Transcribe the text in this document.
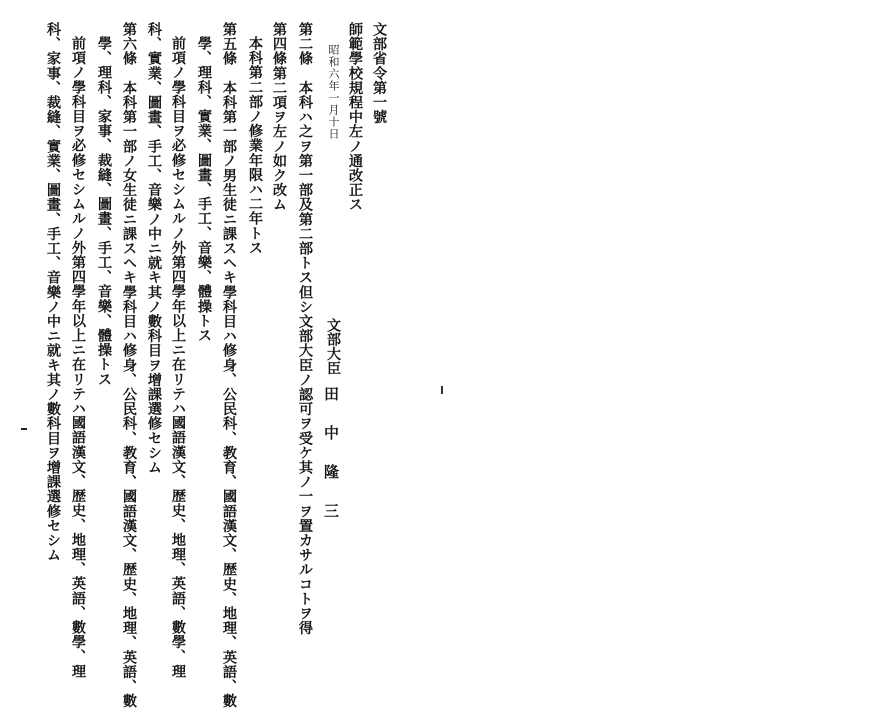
文部省令第一號
師範學校規程中左ノ通改正ス
昭和六年一月十日
文部大臣
田中隆三
第二條　本科ハ之ヲ第一部及第二部トス但シ文部大臣ノ認可ヲ受ケ其ノ一ヲ置カサルコトヲ得
第四條第二項ヲ左ノ如ク改ム
本科第二部ノ修業年限ハ二年トス
第五條　本科第一部ノ男生徒ニ課スヘキ學科目ハ修身、公民科、教育、國語漢文、歴史、地理、英語、數
學、理科、實業、圖畫、手工、音樂、體操トス
前項ノ學科目ヲ必修セシムルノ外第四學年以上ニ在リテハ國語漢文、歴史、地理、英語、數學、理
科、實業、圖畫、手工、音樂ノ中ニ就キ其ノ數科目ヲ增課選修セシム
第六條　本科第一部ノ女生徒ニ課スヘキ學科目ハ修身、公民科、教育、國語漢文、歴史、地理、英語、數
學、理科、家事、裁縫、圖畫、手工、音樂、體操トス
前項ノ學科目ヲ必修セシムルノ外第四學年以上ニ在リテハ國語漢文、歴史、地理、英語、數學、理
科、家事、裁縫、實業、圖畫、手工、音樂ノ中ニ就キ其ノ數科目ヲ增課選修セシム
